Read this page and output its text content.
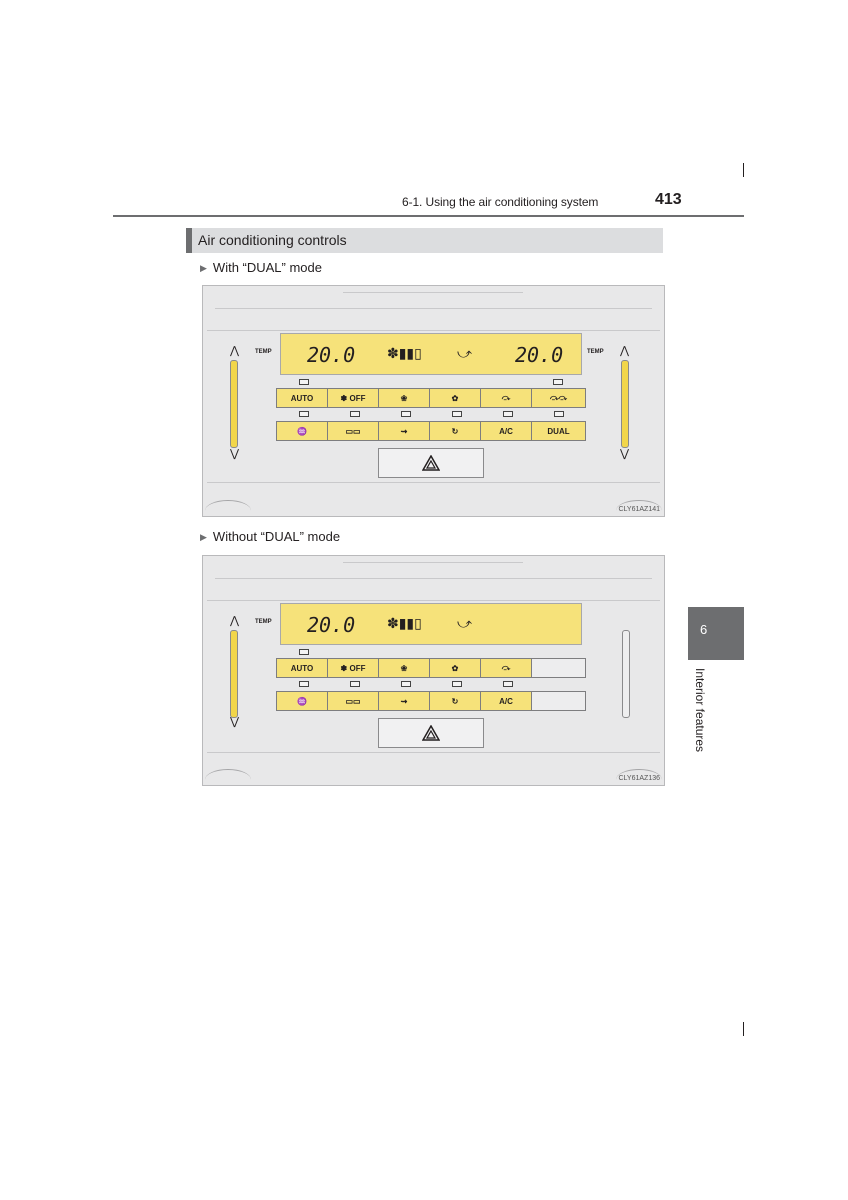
6-1. Using the air conditioning system	413
Air conditioning controls
▶ With “DUAL” mode
20.0 ✽▮▮▯	⤻ 20.0
TEMP	TEMP
⋀
⋁
⋀
⋁
AUTO	✽ OFF	❀	✿	⤼	⤼⤼
♒	▭▭	⇝	↻	A/C	DUAL
CLY61AZ141
▶ Without “DUAL” mode
20.0 ✽▮▮▯	⤻
TEMP
⋀
⋁
AUTO	✽ OFF	❀	✿	⤼
♒	▭▭	⇝	↻	A/C
CLY61AZ136
6
Interior features
